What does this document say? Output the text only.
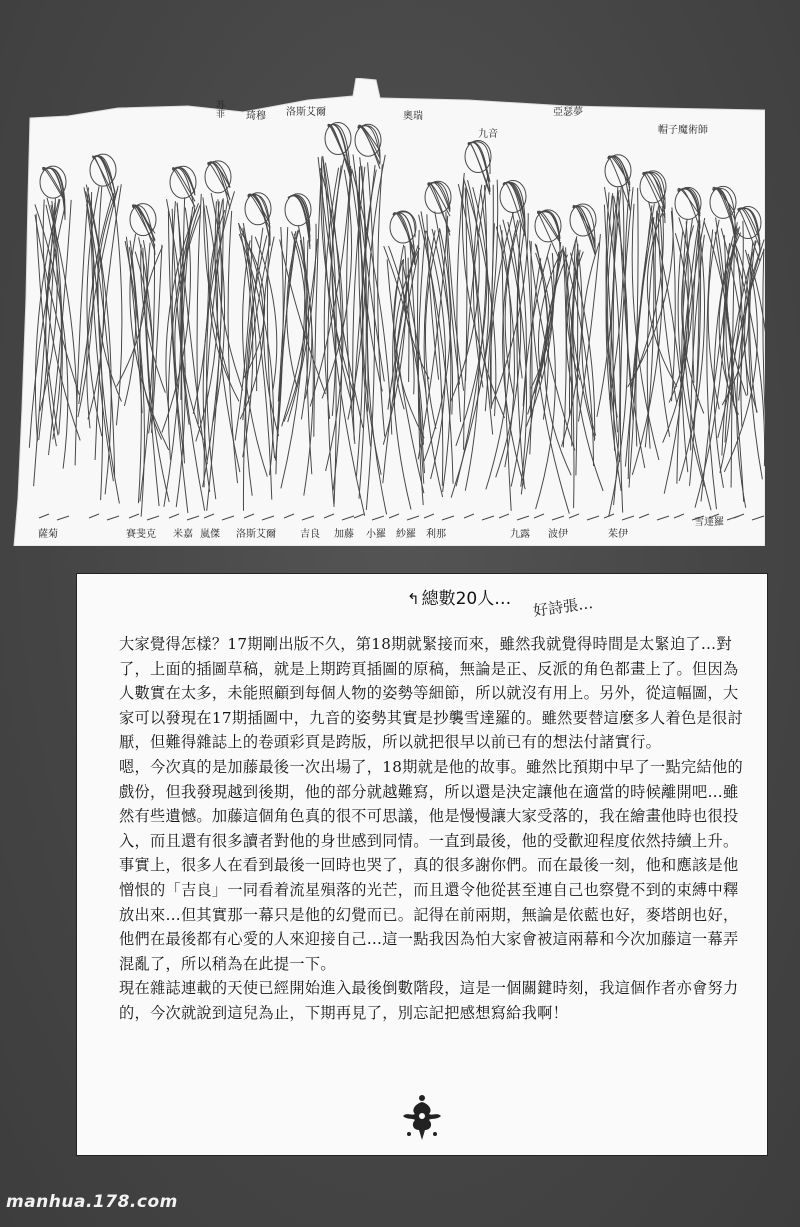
苏菲 琦穆 洛斯艾爾	奧瑞
九音
亞瑟夢
帽子魔術師
薩菊	賽斐克 米嘉 嵐傑 洛斯艾爾 吉良 加藤 小羅 紗羅 利那	九露 波伊	茱伊
雪達羅
↰ 總數20人… 好詩張…

大家覺得怎樣？17期剛出版不久，第18期就緊接而來，雖然我就覺得時間是太緊迫了…對了，上面的插圖草稿，就是上期跨頁插圖的原稿，無論是正、反派的角色都畫上了。但因為人數實在太多，未能照顧到每個人物的姿勢等細節，所以就沒有用上。另外，從這幅圖，大家可以發現在17期插圖中，九音的姿勢其實是抄襲雪達羅的。雖然要替這麼多人着色是很討厭，但難得雜誌上的卷頭彩頁是跨版，所以就把很早以前已有的想法付諸實行。

嗯，今次真的是加藤最後一次出場了，18期就是他的故事。雖然比預期中早了一點完結他的戲份，但我發現越到後期，他的部分就越難寫，所以還是決定讓他在適當的時候離開吧…雖然有些遺憾。加藤這個角色真的很不可思議，他是慢慢讓大家受落的，我在繪畫他時也很投入，而且還有很多讀者對他的身世感到同情。一直到最後，他的受歡迎程度依然持續上升。事實上，很多人在看到最後一回時也哭了，真的很多謝你們。而在最後一刻，他和應該是他憎恨的「吉良」一同看着流星殞落的光芒，而且還令他從甚至連自己也察覺不到的束縛中釋放出來…但其實那一幕只是他的幻覺而已。記得在前兩期，無論是依藍也好，麥塔朗也好，他們在最後都有心愛的人來迎接自己…這一點我因為怕大家會被這兩幕和今次加藤這一幕弄混亂了，所以稍為在此提一下。

現在雜誌連載的天使已經開始進入最後倒數階段，這是一個關鍵時刻，我這個作者亦會努力的，今次就說到這兒為止，下期再見了，別忘記把感想寫給我啊！

manhua.178.com
